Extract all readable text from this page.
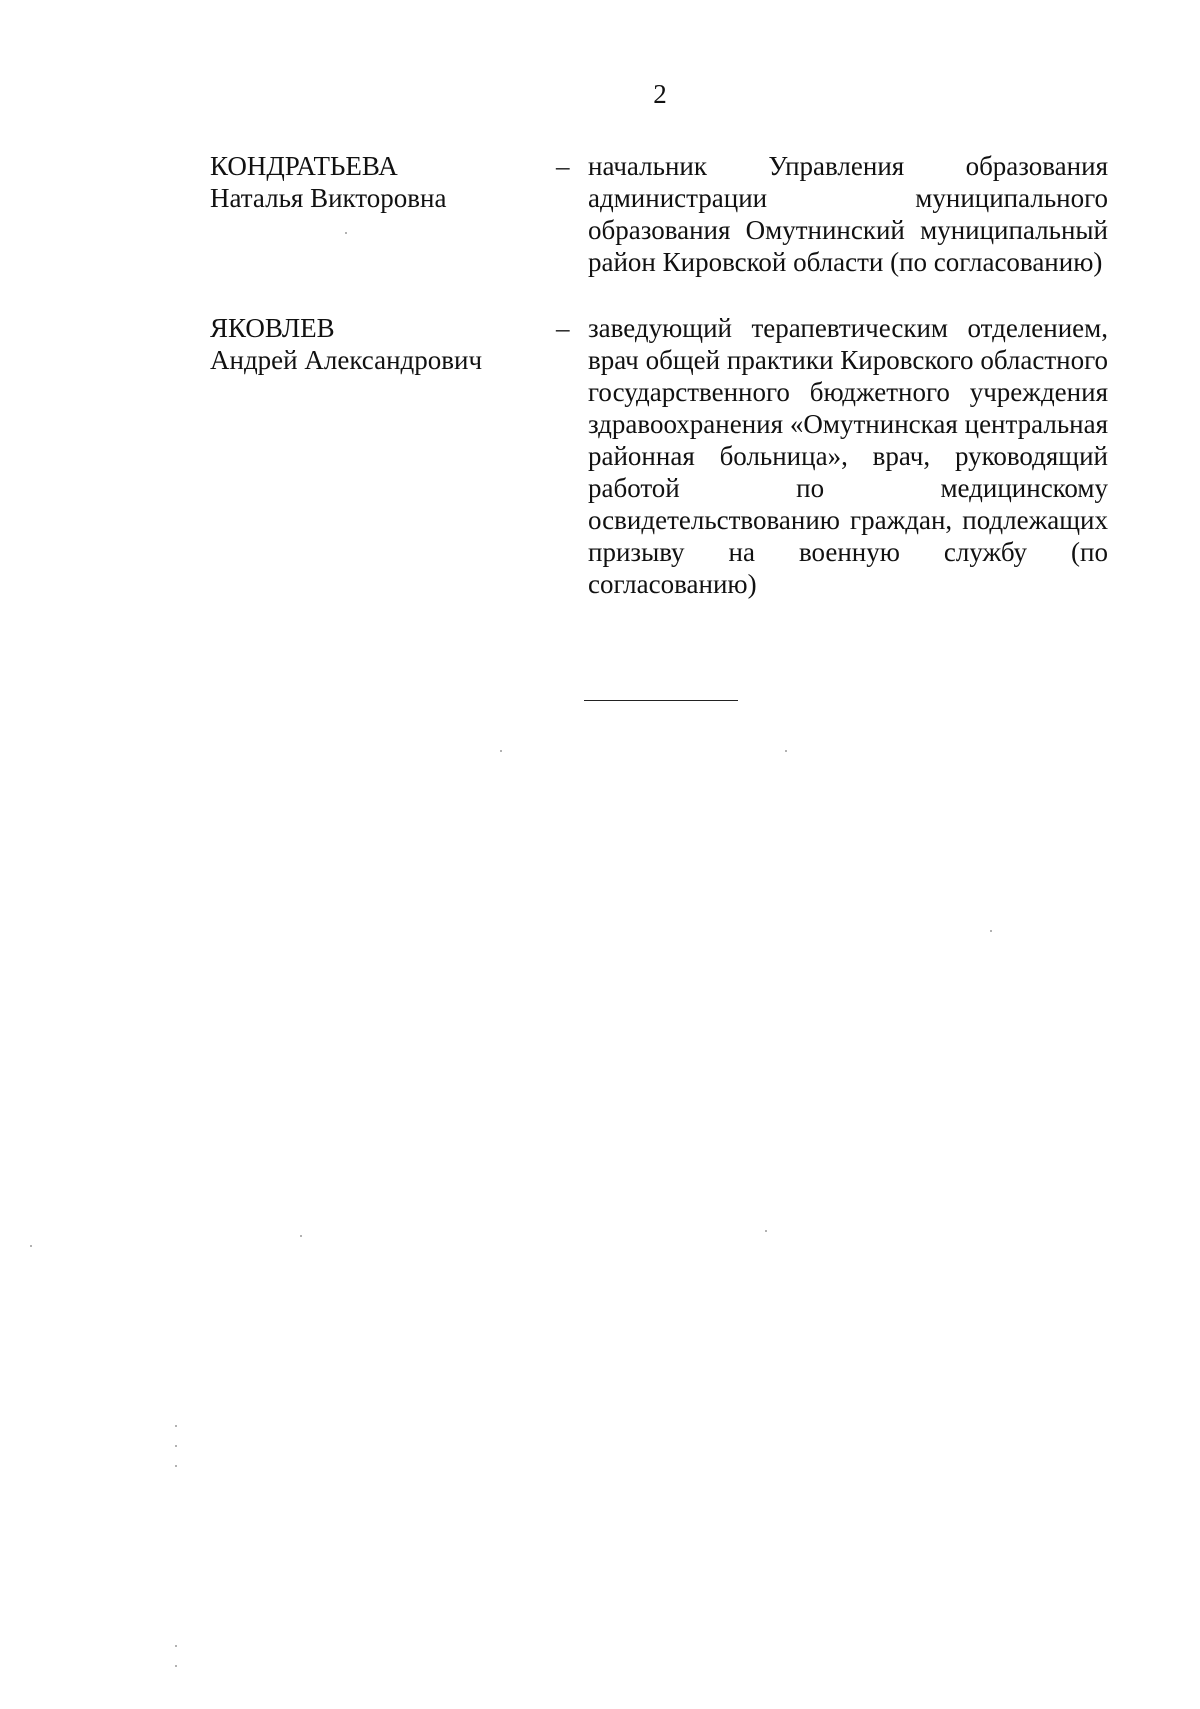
2
КОНДРАТЬЕВА
Наталья Викторовна
– начальник Управления образования администрации муниципального образования Омутнинский муниципальный район Кировской области (по согласованию)
ЯКОВЛЕВ
Андрей Александрович
– заведующий терапевтическим отделением, врач общей практики Кировского областного государственного бюджетного учреждения здравоохранения «Омутнинская центральная районная больница», врач, руководящий работой по медицинскому освидетельствованию граждан, подлежащих призыву на военную службу (по согласованию)
